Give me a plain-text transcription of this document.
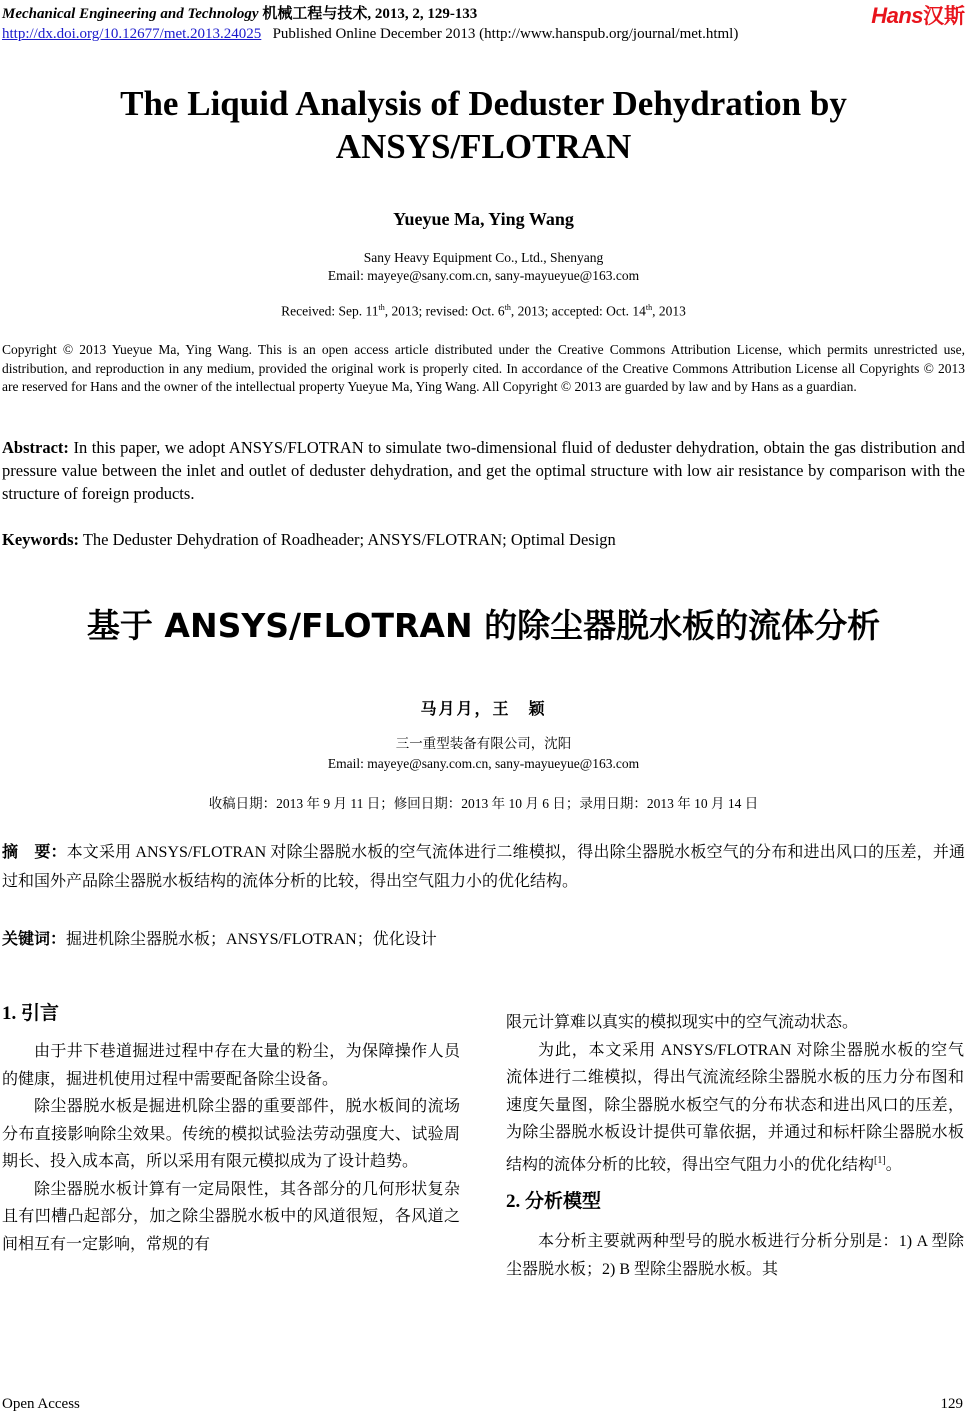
Mechanical Engineering and Technology 机械工程与技术, 2013, 2, 129-133
http://dx.doi.org/10.12677/met.2013.24025   Published Online December 2013 (http://www.hanspub.org/journal/met.html)
Hans汉斯
The Liquid Analysis of Deduster Dehydration by
ANSYS/FLOTRAN
Yueyue Ma, Ying Wang
Sany Heavy Equipment Co., Ltd., Shenyang
Email: mayeye@sany.com.cn, sany-mayueyue@163.com
Received: Sep. 11th, 2013; revised: Oct. 6th, 2013; accepted: Oct. 14th, 2013
Copyright © 2013 Yueyue Ma, Ying Wang. This is an open access article distributed under the Creative Commons Attribution License, which permits unrestricted use, distribution, and reproduction in any medium, provided the original work is properly cited. In accordance of the Creative Commons Attribution License all Copyrights © 2013 are reserved for Hans and the owner of the intellectual property Yueyue Ma, Ying Wang. All Copyright © 2013 are guarded by law and by Hans as a guardian.
Abstract: In this paper, we adopt ANSYS/FLOTRAN to simulate two-dimensional fluid of deduster dehydration, obtain the gas distribution and pressure value between the inlet and outlet of deduster dehydration, and get the optimal structure with low air resistance by comparison with the structure of foreign products.
Keywords: The Deduster Dehydration of Roadheader; ANSYS/FLOTRAN; Optimal Design
基于 ANSYS/FLOTRAN 的除尘器脱水板的流体分析
马月月，王　颖
三一重型装备有限公司，沈阳
Email: mayeye@sany.com.cn, sany-mayueyue@163.com
收稿日期：2013 年 9 月 11 日；修回日期：2013 年 10 月 6 日；录用日期：2013 年 10 月 14 日
摘　要：本文采用 ANSYS/FLOTRAN 对除尘器脱水板的空气流体进行二维模拟，得出除尘器脱水板空气的分布和进出风口的压差，并通过和国外产品除尘器脱水板结构的流体分析的比较，得出空气阻力小的优化结构。
关键词：掘进机除尘器脱水板；ANSYS/FLOTRAN；优化设计
1. 引言

由于井下巷道掘进过程中存在大量的粉尘，为保障操作人员的健康，掘进机使用过程中需要配备除尘设备。

除尘器脱水板是掘进机除尘器的重要部件，脱水板间的流场分布直接影响除尘效果。传统的模拟试验法劳动强度大、试验周期长、投入成本高，所以采用有限元模拟成为了设计趋势。

除尘器脱水板计算有一定局限性，其各部分的几何形状复杂且有凹槽凸起部分，加之除尘器脱水板中的风道很短，各风道之间相互有一定影响，常规的有

限元计算难以真实的模拟现实中的空气流动状态。

为此，本文采用 ANSYS/FLOTRAN 对除尘器脱水板的空气流体进行二维模拟，得出气流流经除尘器脱水板的压力分布图和速度矢量图，除尘器脱水板空气的分布状态和进出风口的压差，为除尘器脱水板设计提供可靠依据，并通过和标杆除尘器脱水板结构的流体分析的比较，得出空气阻力小的优化结构[1]。

2. 分析模型

本分析主要就两种型号的脱水板进行分析分别是：1) A 型除尘器脱水板；2) B 型除尘器脱水板。其

Open Access	129
